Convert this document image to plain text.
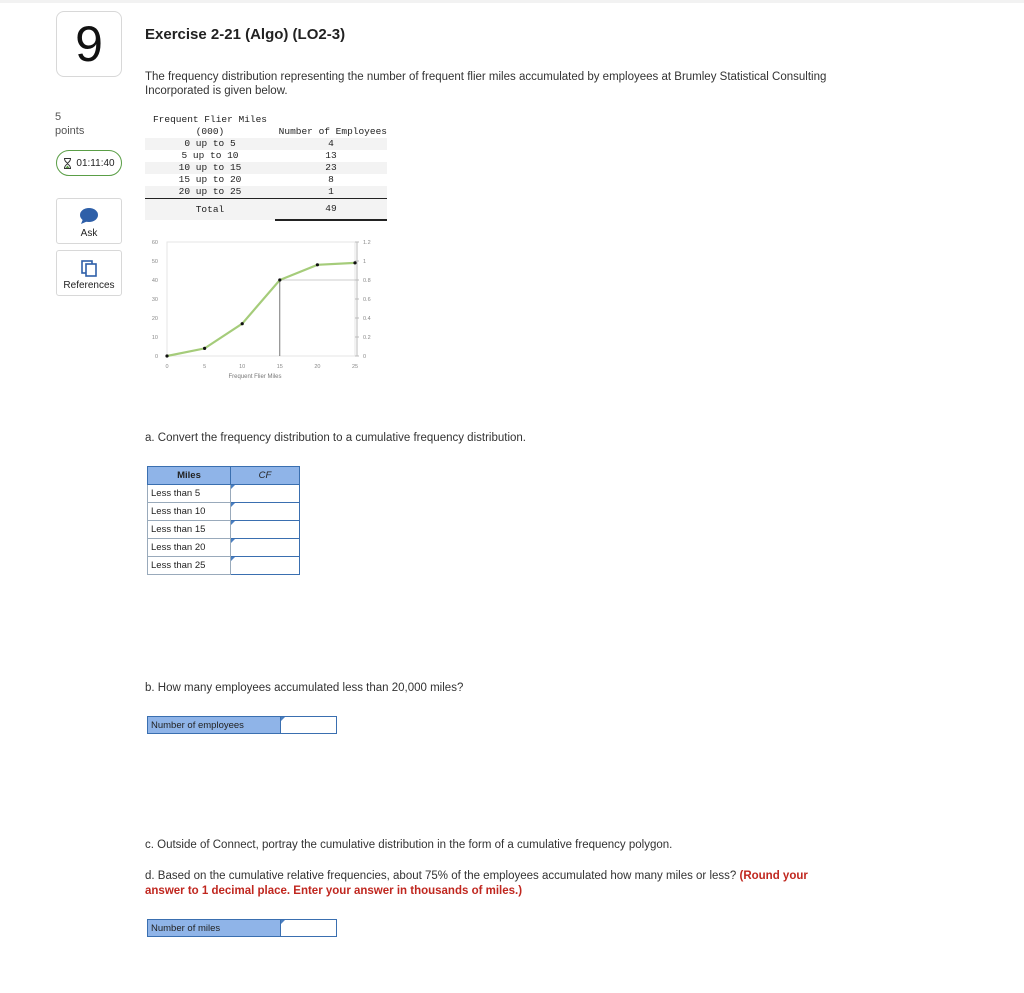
9
5
points
01:11:40
Ask
References
Exercise 2-21 (Algo) (LO2-3)
The frequency distribution representing the number of frequent flier miles accumulated by employees at Brumley Statistical Consulting
Incorporated is given below.
Frequent Flier Miles	
(000)	Number of Employees
0 up to 5	4
5 up to 10	13
10 up to 15	23
15 up to 20	8
20 up to 25	1
Total	49
0
10
20
30
40
50
60
0
0.2
0.4
0.6
0.8
1
1.2
0	5	10	15	20	25
Frequent Flier Miles
a. Convert the frequency distribution to a cumulative frequency distribution.
Miles	CF
Less than 5	

Less than 10	

Less than 15	

Less than 20	

Less than 25	
b. How many employees accumulated less than 20,000 miles?
Number of employees
c. Outside of Connect, portray the cumulative distribution in the form of a cumulative frequency polygon.
d. Based on the cumulative relative frequencies, about 75% of the employees accumulated how many miles or less? (Round your
answer to 1 decimal place. Enter your answer in thousands of miles.)
Number of miles
